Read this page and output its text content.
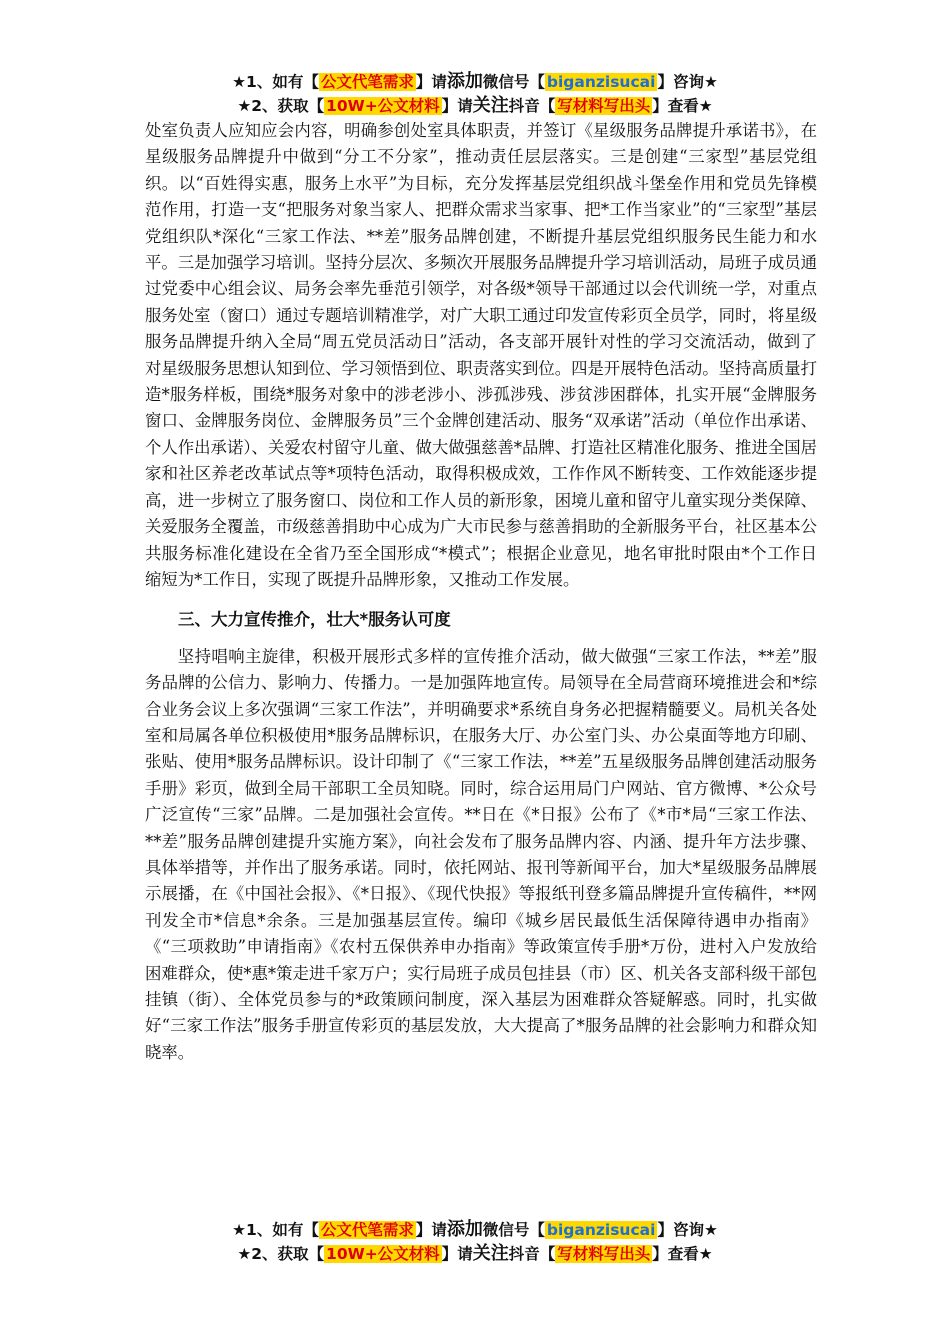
★1、如有【 公文代笔需求 】请添加微信号【 biganzisucai 】咨询★
★2、获取【 10W+公文材料 】请关注抖音【 写材料写出头 】查看★

处室负责人应知应会内容，明确参创处室具体职责，并签订《星级服务品牌提升承诺书》，在星级服务品牌提升中做到“分工不分家”，推动责任层层落实。三是创建“三家型”基层党组织。以“百姓得实惠，服务上水平”为目标，充分发挥基层党组织战斗堡垒作用和党员先锋模范作用，打造一支“把服务对象当家人、把群众需求当家事、把*工作当家业”的“三家型”基层党组织队*深化“三家工作法、**差”服务品牌创建，不断提升基层党组织服务民生能力和水平。三是加强学习培训。坚持分层次、多频次开展服务品牌提升学习培训活动，局班子成员通过党委中心组会议、局务会率先垂范引领学，对各级*领导干部通过以会代训统一学，对重点服务处室（窗口）通过专题培训精准学，对广大职工通过印发宣传彩页全员学，同时，将星级服务品牌提升纳入全局“周五党员活动日”活动，各支部开展针对性的学习交流活动，做到了对星级服务思想认知到位、学习领悟到位、职责落实到位。四是开展特色活动。坚持高质量打造*服务样板，围绕*服务对象中的涉老涉小、涉孤涉残、涉贫涉困群体，扎实开展“金牌服务窗口、金牌服务岗位、金牌服务员”三个金牌创建活动、服务“双承诺”活动（单位作出承诺、个人作出承诺）、关爱农村留守儿童、做大做强慈善*品牌、打造社区精准化服务、推进全国居家和社区养老改革试点等*项特色活动，取得积极成效，工作作风不断转变、工作效能逐步提高，进一步树立了服务窗口、岗位和工作人员的新形象，困境儿童和留守儿童实现分类保障、关爱服务全覆盖，市级慈善捐助中心成为广大市民参与慈善捐助的全新服务平台，社区基本公共服务标准化建设在全省乃至全国形成“*模式”；根据企业意见，地名审批时限由*个工作日缩短为*工作日，实现了既提升品牌形象，又推动工作发展。

三、大力宣传推介，壮大*服务认可度

坚持唱响主旋律，积极开展形式多样的宣传推介活动，做大做强“三家工作法，**差”服务品牌的公信力、影响力、传播力。一是加强阵地宣传。局领导在全局营商环境推进会和*综合业务会议上多次强调“三家工作法”，并明确要求*系统自身务必把握精髓要义。局机关各处室和局属各单位积极使用*服务品牌标识，在服务大厅、办公室门头、办公桌面等地方印刷、张贴、使用*服务品牌标识。设计印制了《“三家工作法，**差”五星级服务品牌创建活动服务手册》彩页，做到全局干部职工全员知晓。同时，综合运用局门户网站、官方微博、*公众号广泛宣传“三家”品牌。二是加强社会宣传。**日在《*日报》公布了《*市*局“三家工作法、**差”服务品牌创建提升实施方案》，向社会发布了服务品牌内容、内涵、提升年方法步骤、具体举措等，并作出了服务承诺。同时，依托网站、报刊等新闻平台，加大*星级服务品牌展示展播，在《中国社会报》、《*日报》、《现代快报》等报纸刊登多篇品牌提升宣传稿件，**网刊发全市*信息*余条。三是加强基层宣传。编印《城乡居民最低生活保障待遇申办指南》《“三项救助”申请指南》《农村五保供养申办指南》等政策宣传手册*万份，进村入户发放给困难群众，使*惠*策走进千家万户；实行局班子成员包挂县（市）区、机关各支部科级干部包挂镇（街）、全体党员参与的*政策顾问制度，深入基层为困难群众答疑解惑。同时，扎实做好“三家工作法”服务手册宣传彩页的基层发放，大大提高了*服务品牌的社会影响力和群众知晓率。

★1、如有【 公文代笔需求 】请添加微信号【 biganzisucai 】咨询★
★2、获取【 10W+公文材料 】请关注抖音【 写材料写出头 】查看★
